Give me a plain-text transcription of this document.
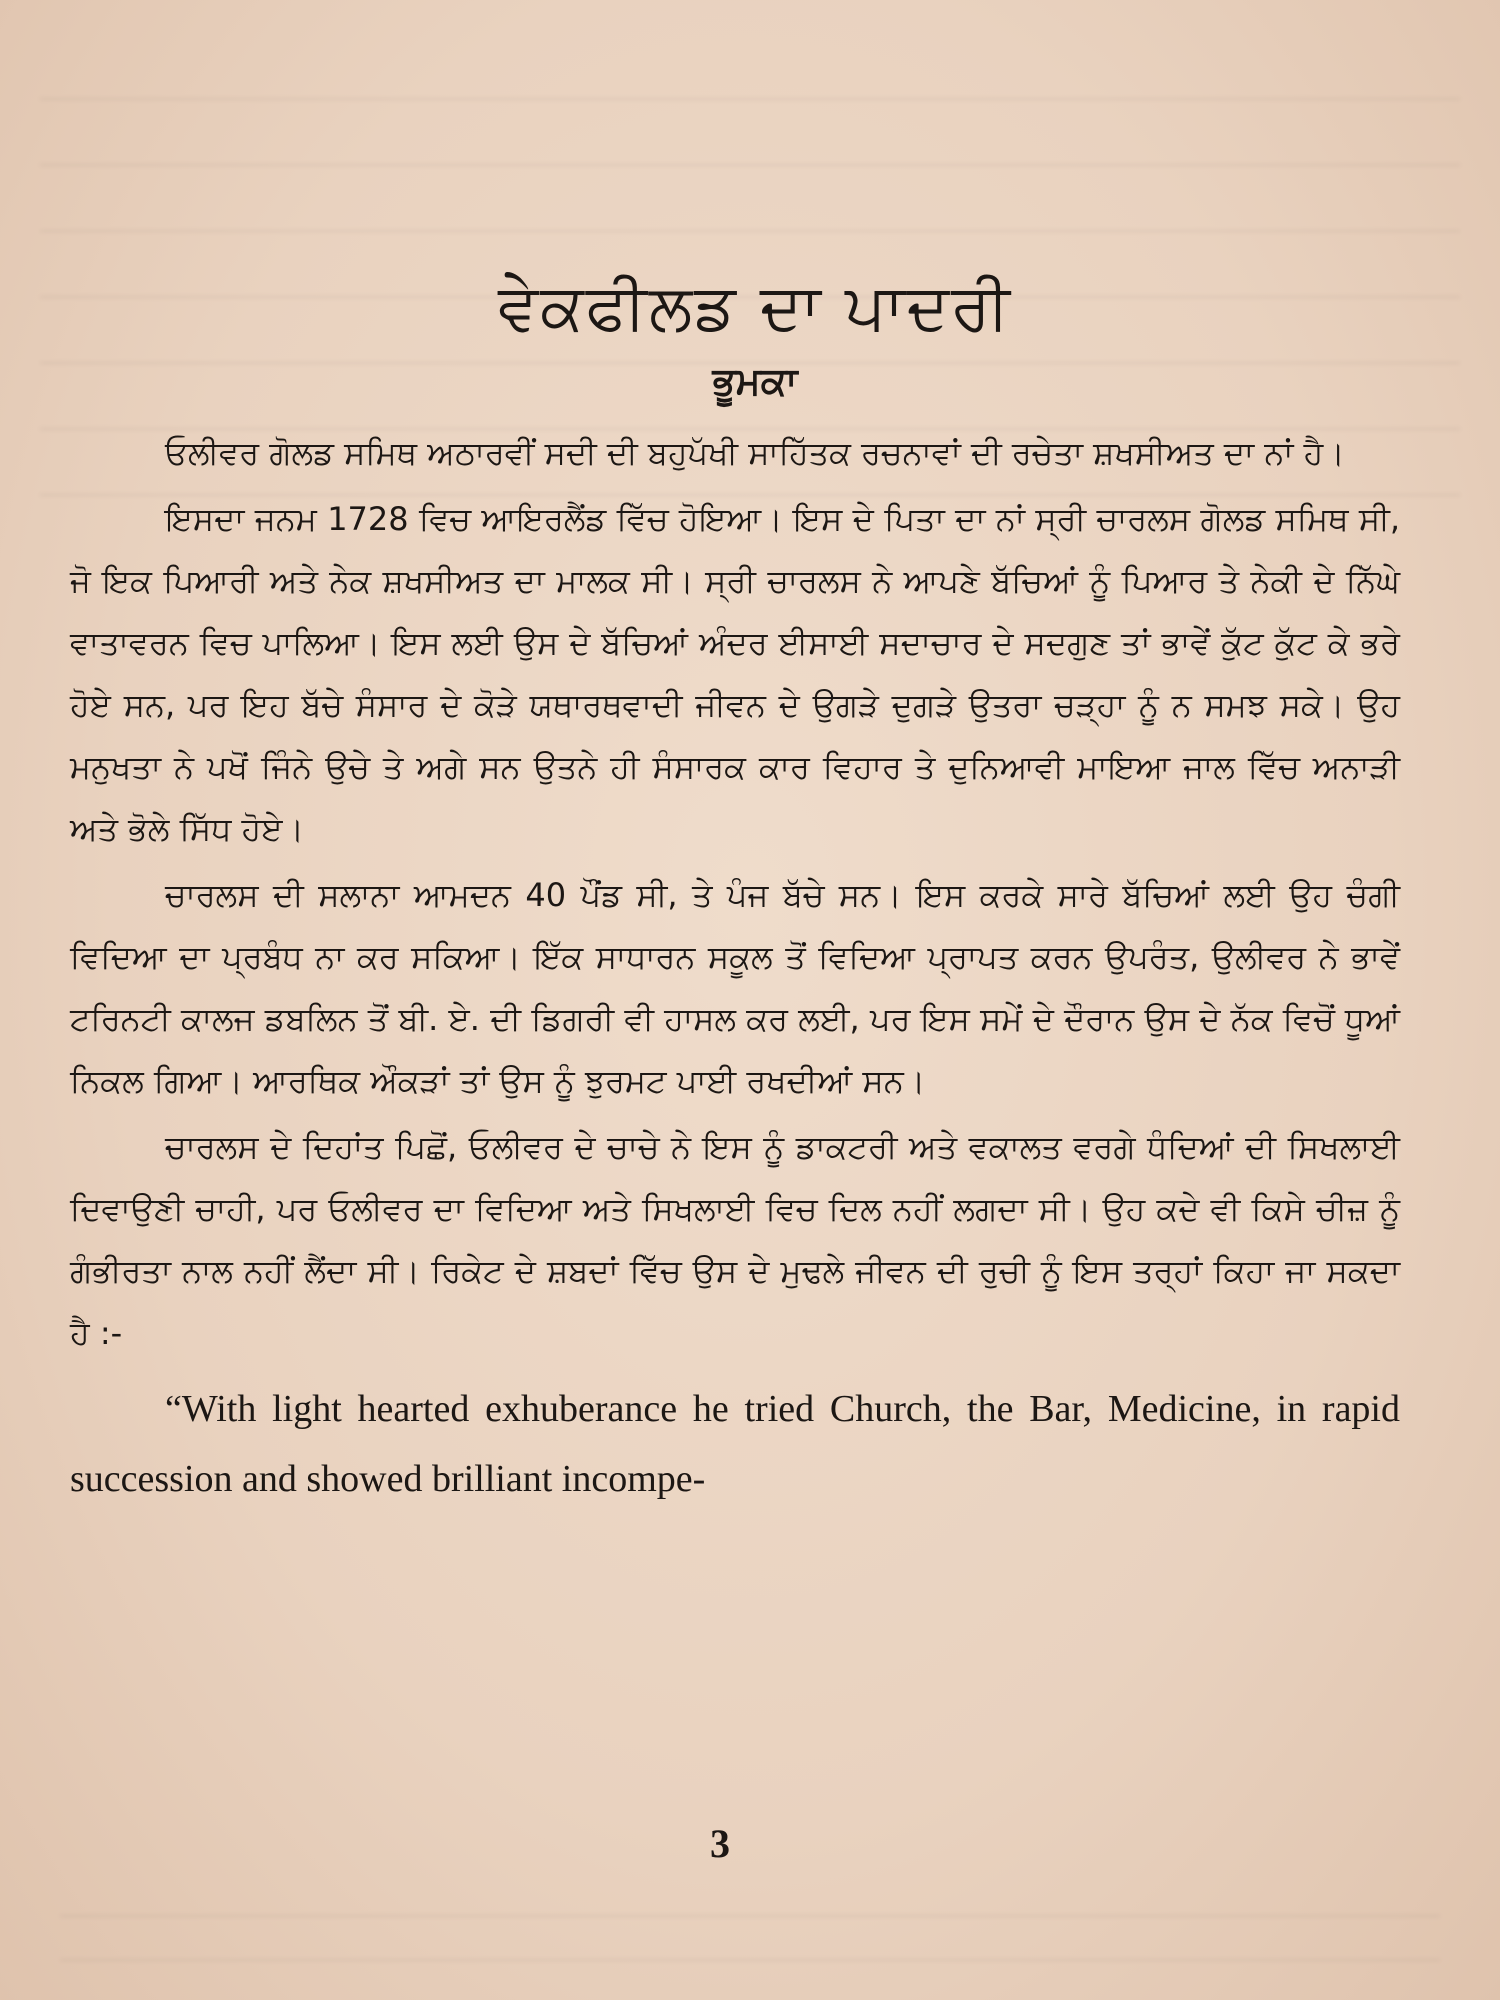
ਵੇਕਫੀਲਡ ਦਾ ਪਾਦਰੀ
ਭੂਮਕਾ

ਓਲੀਵਰ ਗੋਲਡ ਸਮਿਥ ਅਠਾਰਵੀਂ ਸਦੀ ਦੀ ਬਹੁਪੱਖੀ ਸਾਹਿੱਤਕ ਰਚਨਾਵਾਂ ਦੀ ਰਚੇਤਾ ਸ਼ਖਸੀਅਤ ਦਾ ਨਾਂ ਹੈ।

ਇਸਦਾ ਜਨਮ 1728 ਵਿਚ ਆਇਰਲੈਂਡ ਵਿੱਚ ਹੋਇਆ। ਇਸ ਦੇ ਪਿਤਾ ਦਾ ਨਾਂ ਸ੍ਰੀ ਚਾਰਲਸ ਗੋਲਡ ਸਮਿਥ ਸੀ, ਜੋ ਇਕ ਪਿਆਰੀ ਅਤੇ ਨੇਕ ਸ਼ਖਸੀਅਤ ਦਾ ਮਾਲਕ ਸੀ। ਸ੍ਰੀ ਚਾਰਲਸ ਨੇ ਆਪਣੇ ਬੱਚਿਆਂ ਨੂੰ ਪਿਆਰ ਤੇ ਨੇਕੀ ਦੇ ਨਿੱਘੇ ਵਾਤਾਵਰਨ ਵਿਚ ਪਾਲਿਆ। ਇਸ ਲਈ ਉਸ ਦੇ ਬੱਚਿਆਂ ਅੰਦਰ ਈਸਾਈ ਸਦਾਚਾਰ ਦੇ ਸਦਗੁਣ ਤਾਂ ਭਾਵੇਂ ਕੁੱਟ ਕੁੱਟ ਕੇ ਭਰੇ ਹੋਏ ਸਨ, ਪਰ ਇਹ ਬੱਚੇ ਸੰਸਾਰ ਦੇ ਕੋੜੇ ਯਥਾਰਥਵਾਦੀ ਜੀਵਨ ਦੇ ਉਗੜੇ ਦੁਗੜੇ ਉਤਰਾ ਚੜ੍ਹਾ ਨੂੰ ਨ ਸਮਝ ਸਕੇ। ਉਹ ਮਨੁਖਤਾ ਨੇ ਪਖੋਂ ਜਿੰਨੇ ਉਚੇ ਤੇ ਅਗੇ ਸਨ ਉਤਨੇ ਹੀ ਸੰਸਾਰਕ ਕਾਰ ਵਿਹਾਰ ਤੇ ਦੁਨਿਆਵੀ ਮਾਇਆ ਜਾਲ ਵਿੱਚ ਅਨਾੜੀ ਅਤੇ ਭੋਲੇ ਸਿੱਧ ਹੋਏ।

ਚਾਰਲਸ ਦੀ ਸਲਾਨਾ ਆਮਦਨ 40 ਪੌਂਡ ਸੀ, ਤੇ ਪੰਜ ਬੱਚੇ ਸਨ। ਇਸ ਕਰਕੇ ਸਾਰੇ ਬੱਚਿਆਂ ਲਈ ਉਹ ਚੰਗੀ ਵਿਦਿਆ ਦਾ ਪ੍ਰਬੰਧ ਨਾ ਕਰ ਸਕਿਆ। ਇੱਕ ਸਾਧਾਰਨ ਸਕੂਲ ਤੋਂ ਵਿਦਿਆ ਪ੍ਰਾਪਤ ਕਰਨ ਉਪਰੰਤ, ਉਲੀਵਰ ਨੇ ਭਾਵੇਂ ਟਰਿਨਟੀ ਕਾਲਜ ਡਬਲਿਨ ਤੋਂ ਬੀ. ਏ. ਦੀ ਡਿਗਰੀ ਵੀ ਹਾਸਲ ਕਰ ਲਈ, ਪਰ ਇਸ ਸਮੇਂ ਦੇ ਦੌਰਾਨ ਉਸ ਦੇ ਨੱਕ ਵਿਚੋਂ ਧੂਆਂ ਨਿਕਲ ਗਿਆ। ਆਰਥਿਕ ਔਕੜਾਂ ਤਾਂ ਉਸ ਨੂੰ ਝੁਰਮਟ ਪਾਈ ਰਖਦੀਆਂ ਸਨ।

ਚਾਰਲਸ ਦੇ ਦਿਹਾਂਤ ਪਿਛੋਂ, ਓਲੀਵਰ ਦੇ ਚਾਚੇ ਨੇ ਇਸ ਨੂੰ ਡਾਕਟਰੀ ਅਤੇ ਵਕਾਲਤ ਵਰਗੇ ਧੰਦਿਆਂ ਦੀ ਸਿਖਲਾਈ ਦਿਵਾਉਣੀ ਚਾਹੀ, ਪਰ ਓਲੀਵਰ ਦਾ ਵਿਦਿਆ ਅਤੇ ਸਿਖਲਾਈ ਵਿਚ ਦਿਲ ਨਹੀਂ ਲਗਦਾ ਸੀ। ਉਹ ਕਦੇ ਵੀ ਕਿਸੇ ਚੀਜ਼ ਨੂੰ ਗੰਭੀਰਤਾ ਨਾਲ ਨਹੀਂ ਲੈਂਦਾ ਸੀ। ਰਿਕੇਟ ਦੇ ਸ਼ਬਦਾਂ ਵਿੱਚ ਉਸ ਦੇ ਮੁਢਲੇ ਜੀਵਨ ਦੀ ਰੁਚੀ ਨੂੰ ਇਸ ਤਰ੍ਹਾਂ ਕਿਹਾ ਜਾ ਸਕਦਾ ਹੈ :-

“With light hearted exhuberance he tried Church, the Bar, Medicine, in rapid succession and showed brilliant incompe-

3
